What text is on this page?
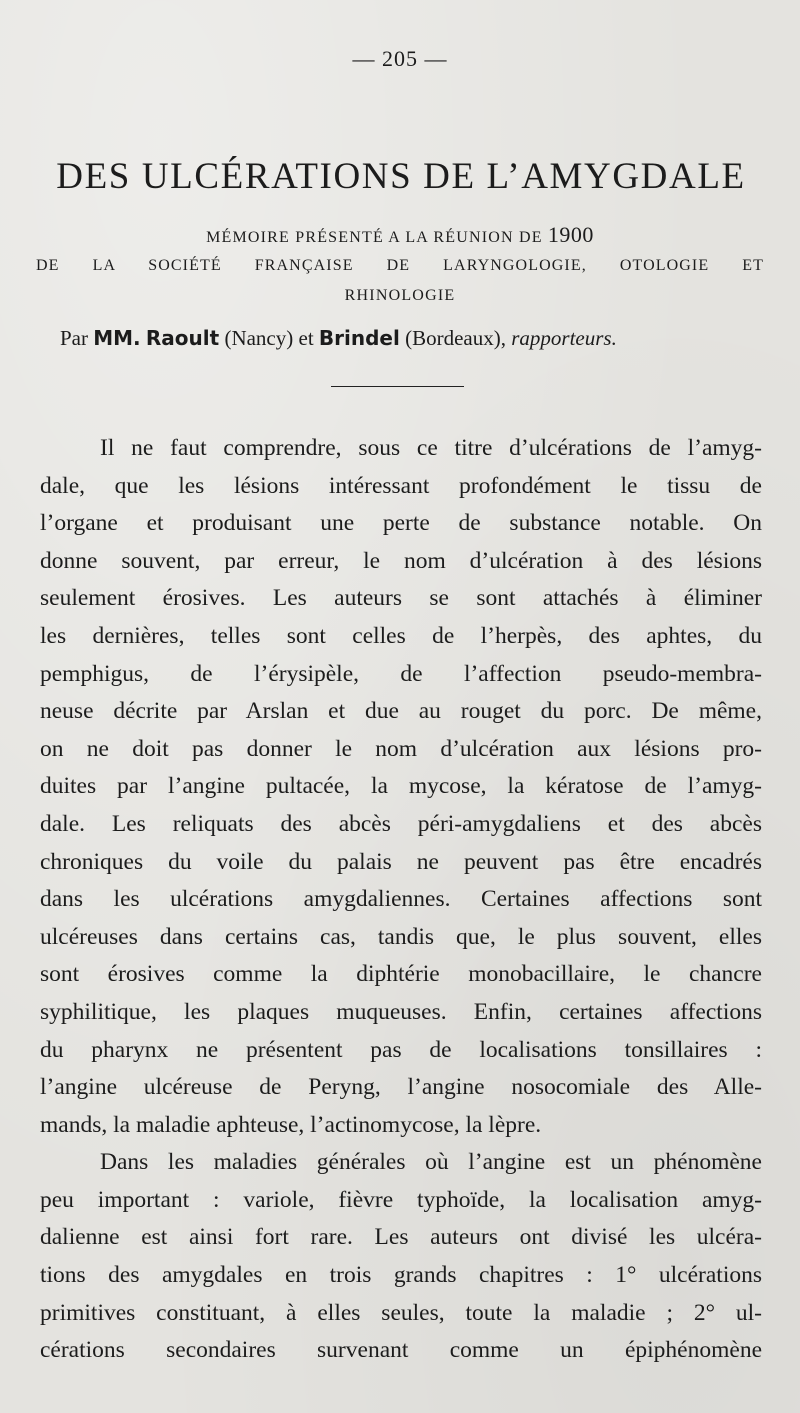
— 205 —
DES ULCÉRATIONS DE L’AMYGDALE
MÉMOIRE PRÉSENTÉ A LA RÉUNION DE 1900
DE LA SOCIÉTÉ FRANÇAISE DE LARYNGOLOGIE, OTOLOGIE ET
RHINOLOGIE
Par MM. Raoult (Nancy) et Brindel (Bordeaux), rapporteurs.
Il ne faut comprendre, sous ce titre d’ulcérations de l’amyg-
dale, que les lésions intéressant profondément le tissu de
l’organe et produisant une perte de substance notable. On
donne souvent, par erreur, le nom d’ulcération à des lésions
seulement érosives. Les auteurs se sont attachés à éliminer
les dernières, telles sont celles de l’herpès, des aphtes, du
pemphigus, de l’érysipèle, de l’affection pseudo-membra-
neuse décrite par Arslan et due au rouget du porc. De même,
on ne doit pas donner le nom d’ulcération aux lésions pro-
duites par l’angine pultacée, la mycose, la kératose de l’amyg-
dale. Les reliquats des abcès péri-amygdaliens et des abcès
chroniques du voile du palais ne peuvent pas être encadrés
dans les ulcérations amygdaliennes. Certaines affections sont
ulcéreuses dans certains cas, tandis que, le plus souvent, elles
sont érosives comme la diphtérie monobacillaire, le chancre
syphilitique, les plaques muqueuses. Enfin, certaines affections
du pharynx ne présentent pas de localisations tonsillaires :
l’angine ulcéreuse de Peryng, l’angine nosocomiale des Alle-
mands, la maladie aphteuse, l’actinomycose, la lèpre.
Dans les maladies générales où l’angine est un phénomène
peu important : variole, fièvre typhoïde, la localisation amyg-
dalienne est ainsi fort rare. Les auteurs ont divisé les ulcéra-
tions des amygdales en trois grands chapitres : 1° ulcérations
primitives constituant, à elles seules, toute la maladie ; 2° ul-
cérations secondaires survenant comme un épiphénomène
